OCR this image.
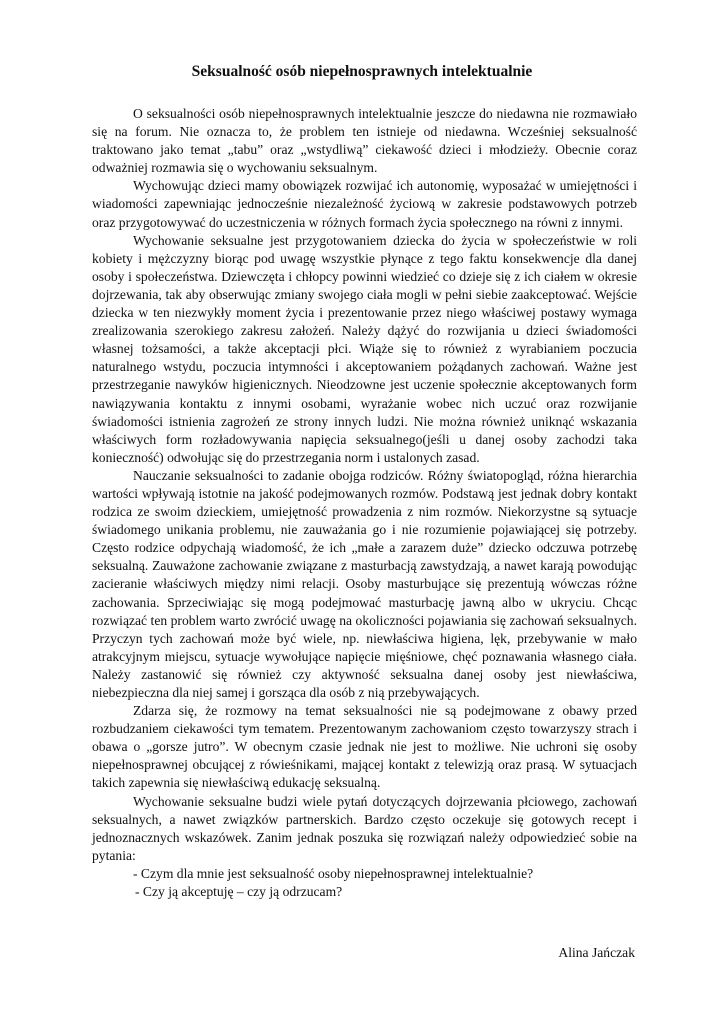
Seksualność osób niepełnosprawnych intelektualnie

O seksualności osób niepełnosprawnych intelektualnie jeszcze do niedawna nie rozmawiało się na forum. Nie oznacza to, że problem ten istnieje od niedawna. Wcześniej seksualność traktowano jako temat „tabu” oraz „wstydliwą” ciekawość dzieci i młodzieży. Obecnie coraz odważniej rozmawia się o wychowaniu seksualnym.

Wychowując dzieci mamy obowiązek rozwijać ich autonomię, wyposażać w umiejętności i wiadomości zapewniając jednocześnie niezależność życiową w zakresie podstawowych potrzeb oraz przygotowywać do uczestniczenia w różnych formach życia społecznego na równi z innymi.

Wychowanie seksualne jest przygotowaniem dziecka do życia w społeczeństwie w roli kobiety i mężczyzny biorąc pod uwagę wszystkie płynące z tego faktu konsekwencje dla danej osoby i społeczeństwa. Dziewczęta i chłopcy powinni wiedzieć co dzieje się z ich ciałem w okresie dojrzewania, tak aby obserwując zmiany swojego ciała mogli w pełni siebie zaakceptować. Wejście dziecka w ten niezwykły moment życia i prezentowanie przez niego właściwej postawy wymaga zrealizowania szerokiego zakresu założeń. Należy dążyć do rozwijania u dzieci świadomości własnej tożsamości, a także akceptacji płci. Wiąże się to również z wyrabianiem poczucia naturalnego wstydu, poczucia intymności i akceptowaniem pożądanych zachowań. Ważne jest przestrzeganie nawyków higienicznych. Nieodzowne jest uczenie społecznie akceptowanych form nawiązywania kontaktu z innymi osobami, wyrażanie wobec nich uczuć oraz rozwijanie świadomości istnienia zagrożeń ze strony innych ludzi. Nie można również uniknąć wskazania właściwych form rozładowywania napięcia seksualnego(jeśli u danej osoby zachodzi taka konieczność) odwołując się do przestrzegania norm i ustalonych zasad.

Nauczanie seksualności to zadanie obojga rodziców. Różny światopogląd, różna hierarchia wartości wpływają istotnie na jakość podejmowanych rozmów. Podstawą jest jednak dobry kontakt rodzica ze swoim dzieckiem, umiejętność prowadzenia z nim rozmów. Niekorzystne są sytuacje świadomego unikania problemu, nie zauważania go i nie rozumienie pojawiającej się potrzeby. Często rodzice odpychają wiadomość, że ich „małe a zarazem duże” dziecko odczuwa potrzebę seksualną. Zauważone zachowanie związane z masturbacją zawstydzają, a nawet karają powodując zacieranie właściwych między nimi relacji. Osoby masturbujące się prezentują wówczas różne zachowania. Sprzeciwiając się mogą podejmować masturbację jawną albo w ukryciu. Chcąc rozwiązać ten problem warto zwrócić uwagę na okoliczności pojawiania się zachowań seksualnych. Przyczyn tych zachowań może być wiele, np. niewłaściwa higiena, lęk, przebywanie w mało atrakcyjnym miejscu, sytuacje wywołujące napięcie mięśniowe, chęć poznawania własnego ciała. Należy zastanowić się również czy aktywność seksualna danej osoby jest niewłaściwa, niebezpieczna dla niej samej i gorsząca dla osób z nią przebywających.

Zdarza się, że rozmowy na temat seksualności nie są podejmowane z obawy przed rozbudzaniem ciekawości tym tematem. Prezentowanym zachowaniom często towarzyszy strach i obawa o „gorsze jutro”. W obecnym czasie jednak nie jest to możliwe. Nie uchroni się osoby niepełnosprawnej obcującej z rówieśnikami, mającej kontakt z telewizją oraz prasą. W sytuacjach takich zapewnia się niewłaściwą edukację seksualną.

Wychowanie seksualne budzi wiele pytań dotyczących dojrzewania płciowego, zachowań seksualnych, a nawet związków partnerskich. Bardzo często oczekuje się gotowych recept i jednoznacznych wskazówek. Zanim jednak poszuka się rozwiązań należy odpowiedzieć sobie na pytania:

- Czym dla mnie jest seksualność osoby niepełnosprawnej intelektualnie?
- Czy ją akceptuję – czy ją odrzucam?
Alina Jańczak
